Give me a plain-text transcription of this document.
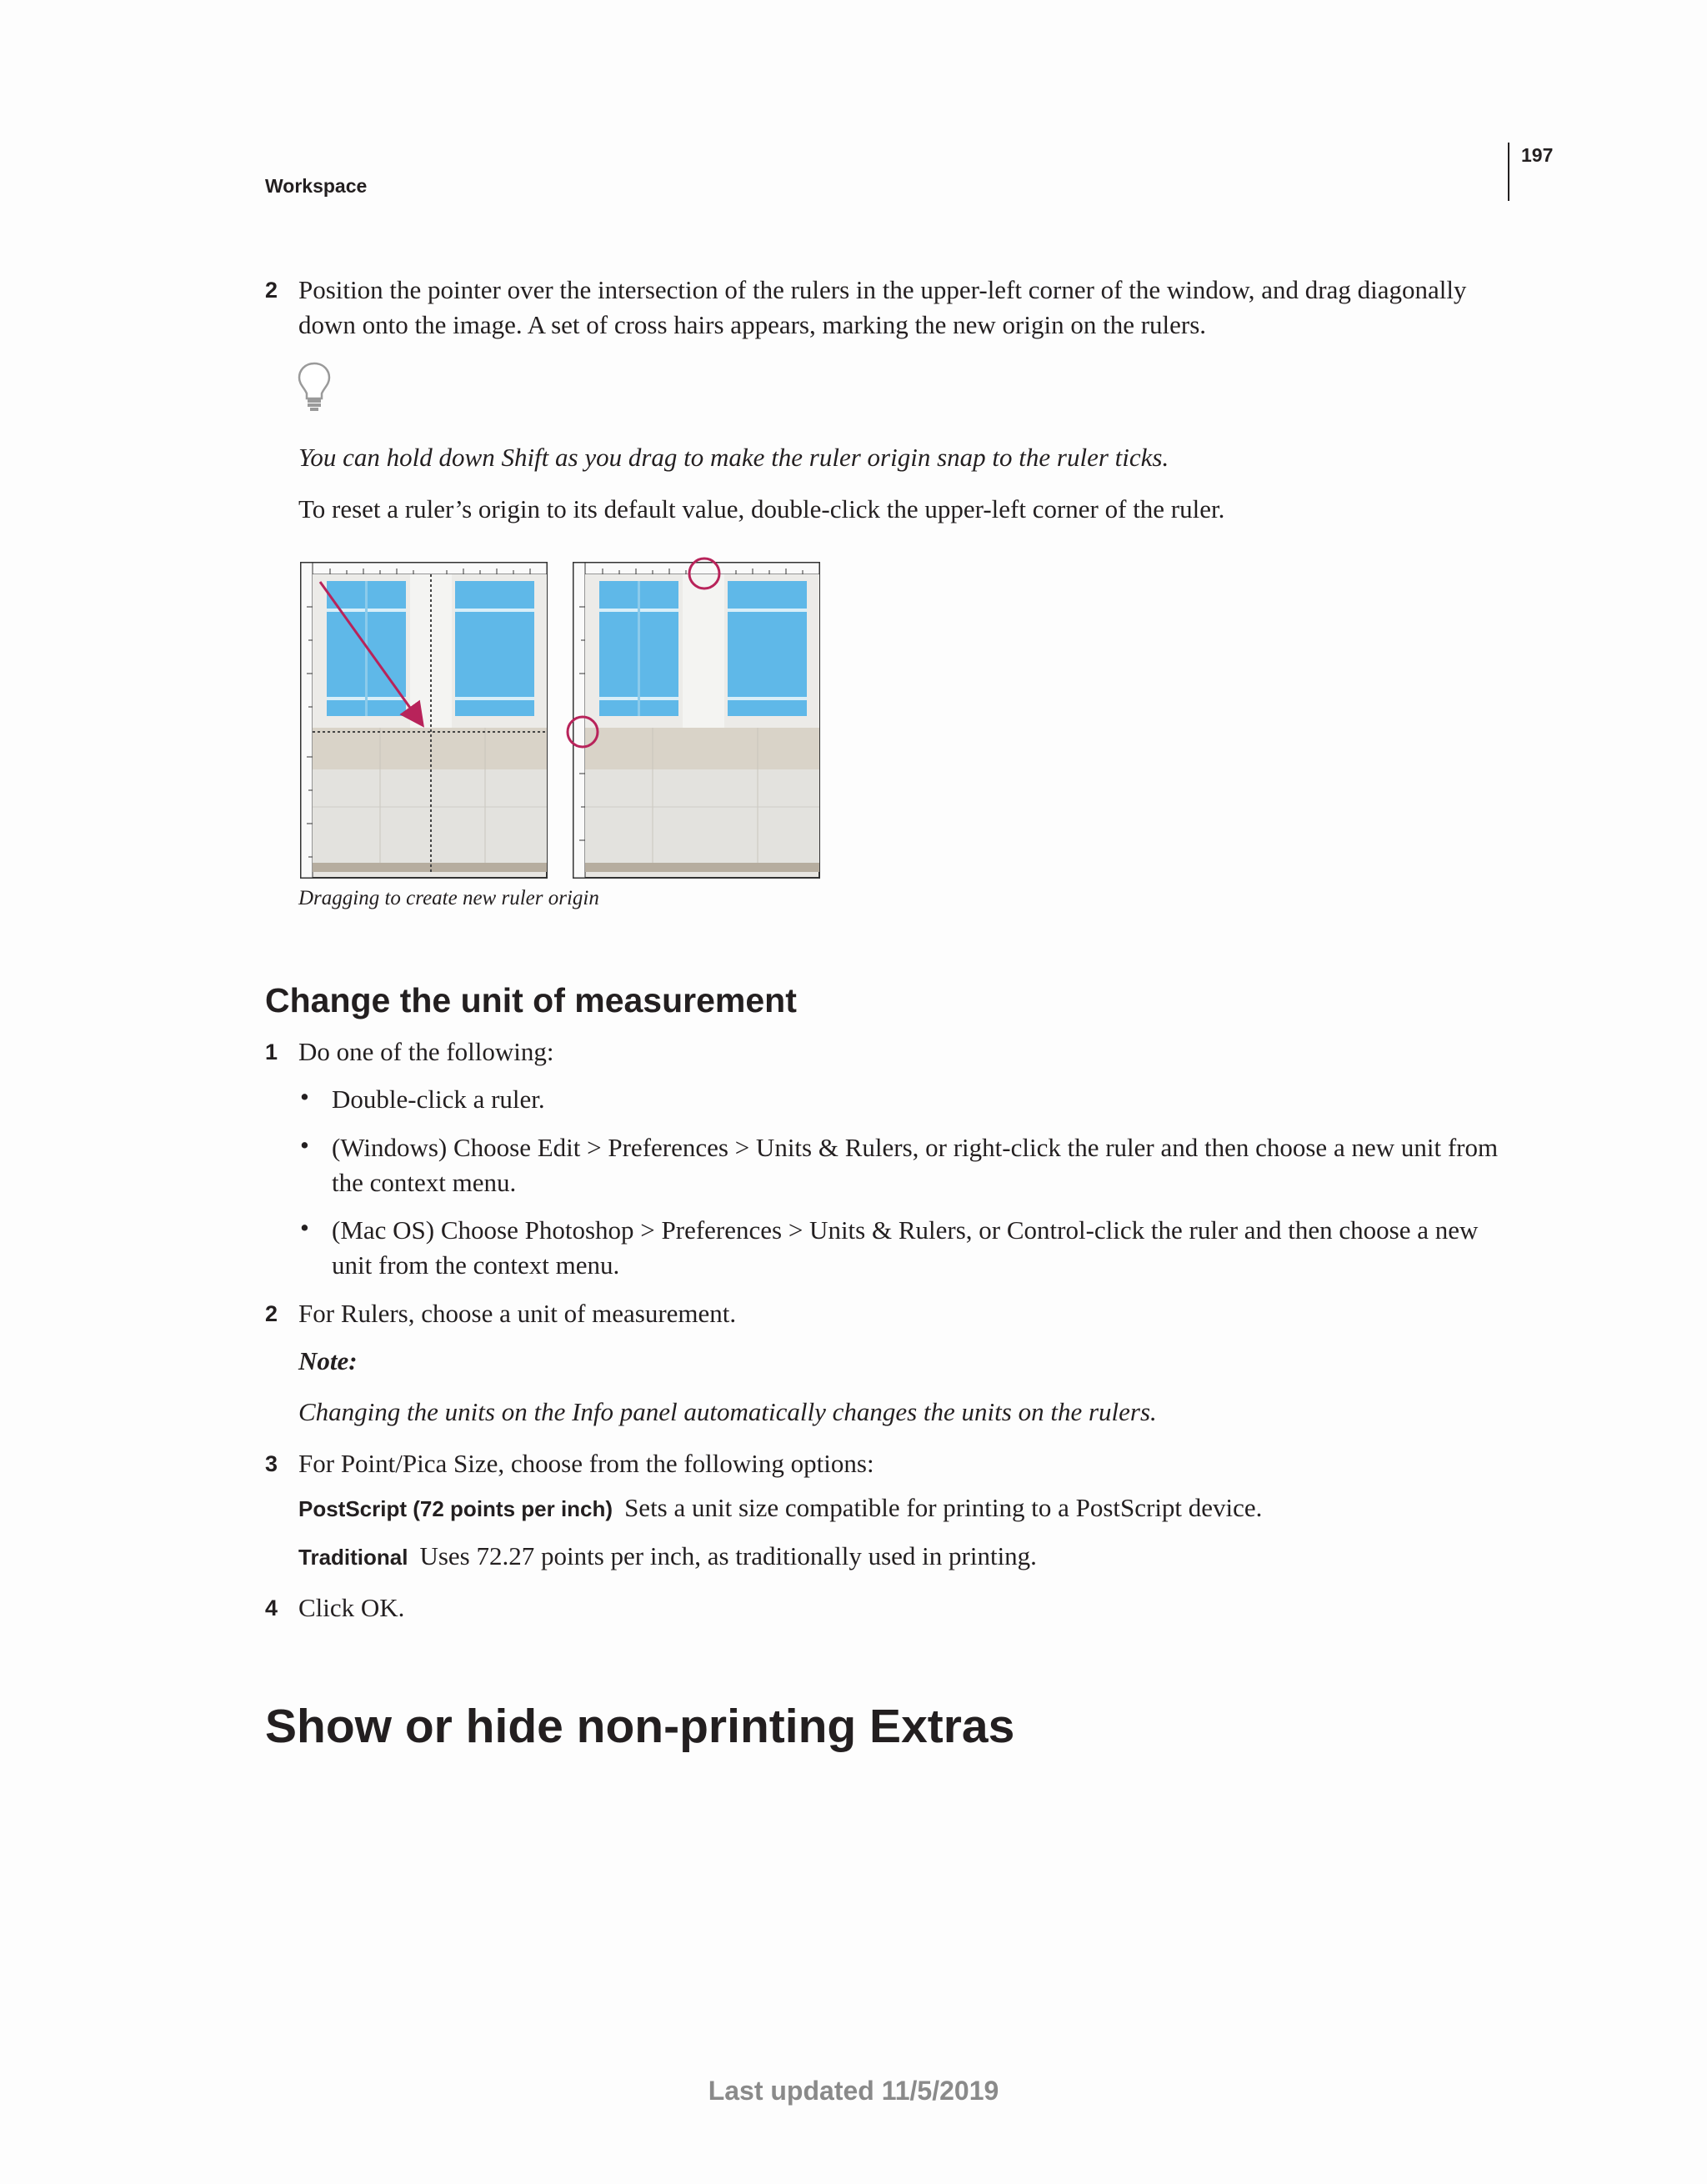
Workspace
197
2 Position the pointer over the intersection of the rulers in the upper-left corner of the window, and drag diagonally
down onto the image. A set of cross hairs appears, marking the new origin on the rulers.
You can hold down Shift as you drag to make the ruler origin snap to the ruler ticks.
To reset a ruler’s origin to its default value, double-click the upper-left corner of the ruler.
Dragging to create new ruler origin
Change the unit of measurement
1 Do one of the following:
• Double-click a ruler.
• (Windows) Choose Edit > Preferences > Units & Rulers, or right-click the ruler and then choose a new unit from
the context menu.
• (Mac OS) Choose Photoshop > Preferences > Units & Rulers, or Control-click the ruler and then choose a new
unit from the context menu.
2 For Rulers, choose a unit of measurement.
Note:
Changing the units on the Info panel automatically changes the units on the rulers.
3 For Point/Pica Size, choose from the following options:
PostScript (72 points per inch) Sets a unit size compatible for printing to a PostScript device.
Traditional Uses 72.27 points per inch, as traditionally used in printing.
4 Click OK.
Show or hide non-printing Extras
Last updated 11/5/2019
